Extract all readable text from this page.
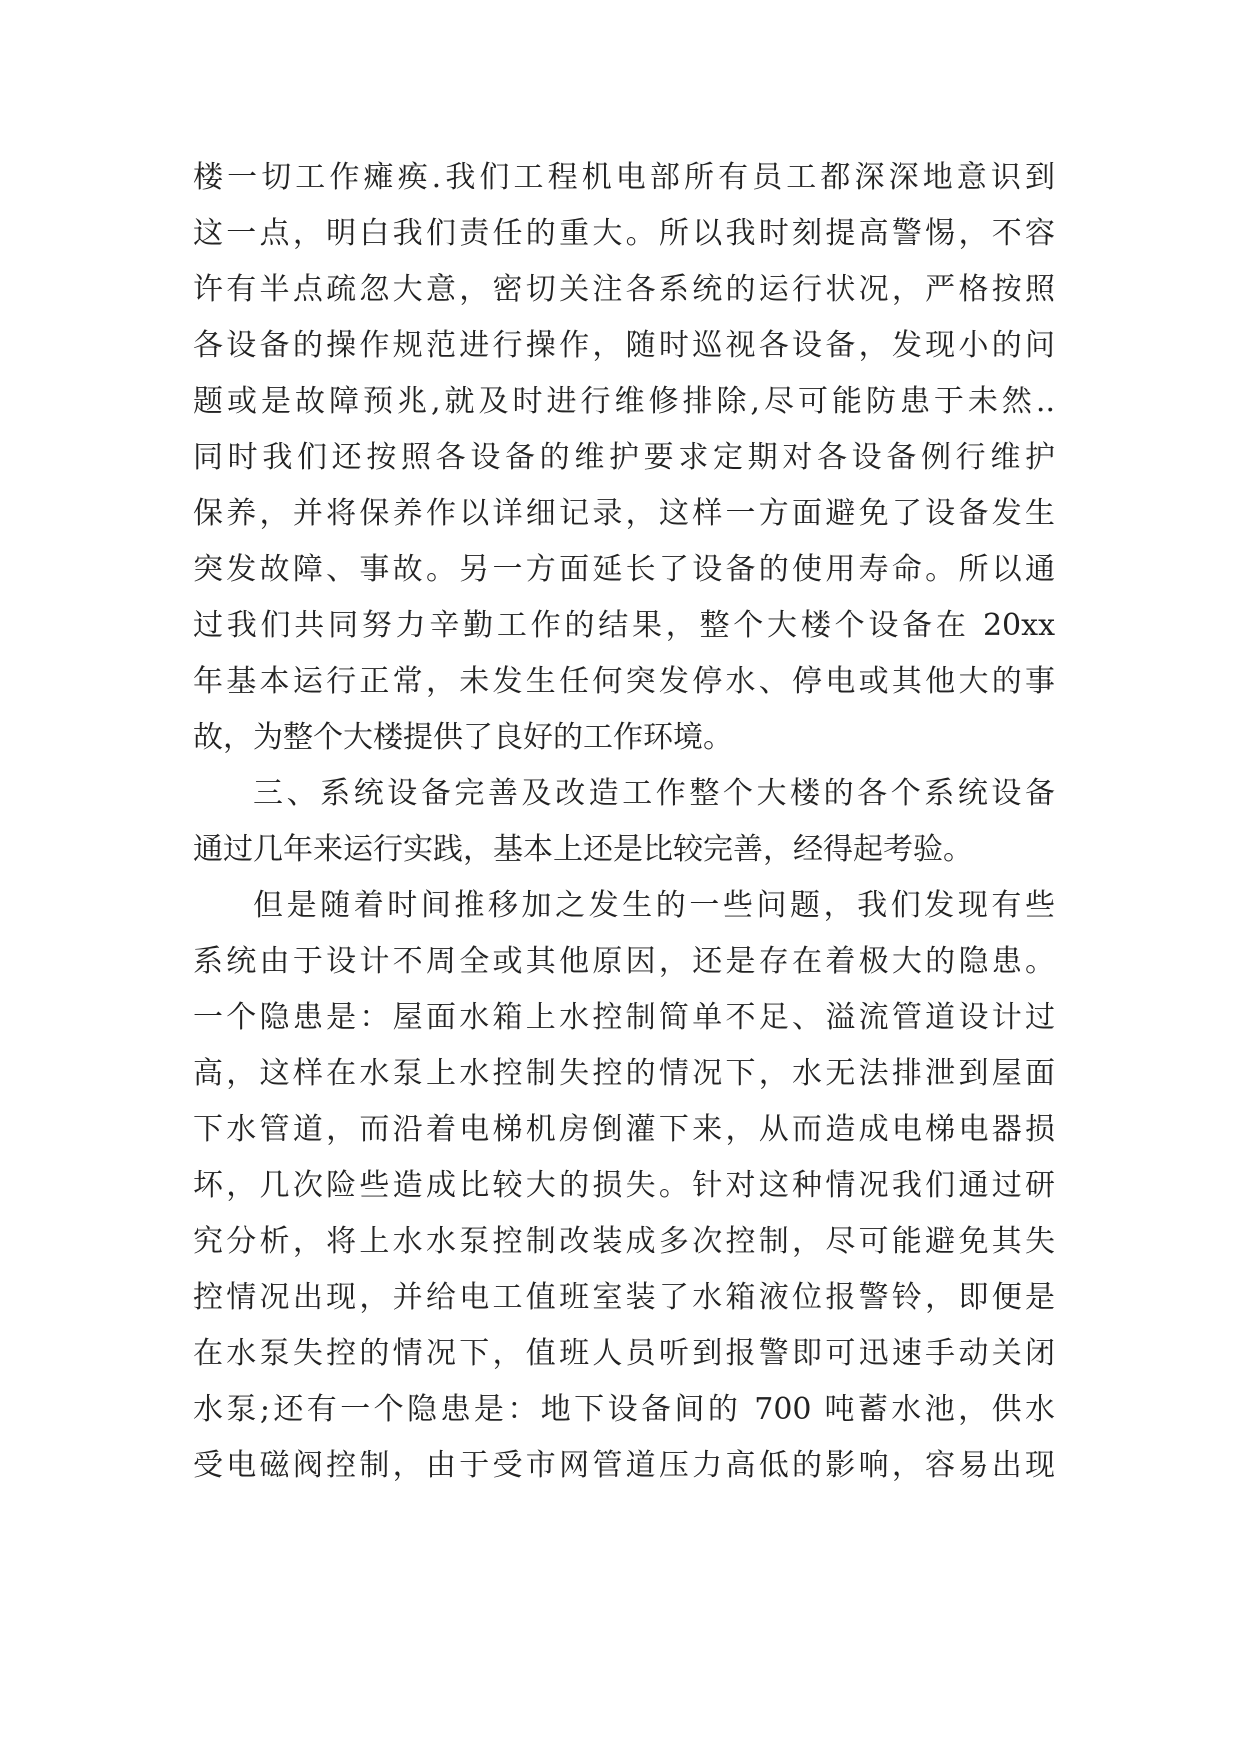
楼一切工作瘫痪.我们工程机电部所有员工都深深地意识到
这一点，明白我们责任的重大。所以我时刻提高警惕，不容
许有半点疏忽大意，密切关注各系统的运行状况，严格按照
各设备的操作规范进行操作，随时巡视各设备，发现小的问
题或是故障预兆,就及时进行维修排除,尽可能防患于未然..
同时我们还按照各设备的维护要求定期对各设备例行维护
保养，并将保养作以详细记录，这样一方面避免了设备发生
突发故障、事故。另一方面延长了设备的使用寿命。所以通
过我们共同努力辛勤工作的结果，整个大楼个设备在 20xx
年基本运行正常，未发生任何突发停水、停电或其他大的事
故，为整个大楼提供了良好的工作环境。
三、系统设备完善及改造工作整个大楼的各个系统设备
通过几年来运行实践，基本上还是比较完善，经得起考验。
但是随着时间推移加之发生的一些问题，我们发现有些
系统由于设计不周全或其他原因，还是存在着极大的隐患。
一个隐患是：屋面水箱上水控制简单不足、溢流管道设计过
高，这样在水泵上水控制失控的情况下，水无法排泄到屋面
下水管道，而沿着电梯机房倒灌下来，从而造成电梯电器损
坏，几次险些造成比较大的损失。针对这种情况我们通过研
究分析，将上水水泵控制改装成多次控制，尽可能避免其失
控情况出现，并给电工值班室装了水箱液位报警铃，即便是
在水泵失控的情况下，值班人员听到报警即可迅速手动关闭
水泵;还有一个隐患是：地下设备间的 700 吨蓄水池，供水
受电磁阀控制，由于受市网管道压力高低的影响，容易出现
